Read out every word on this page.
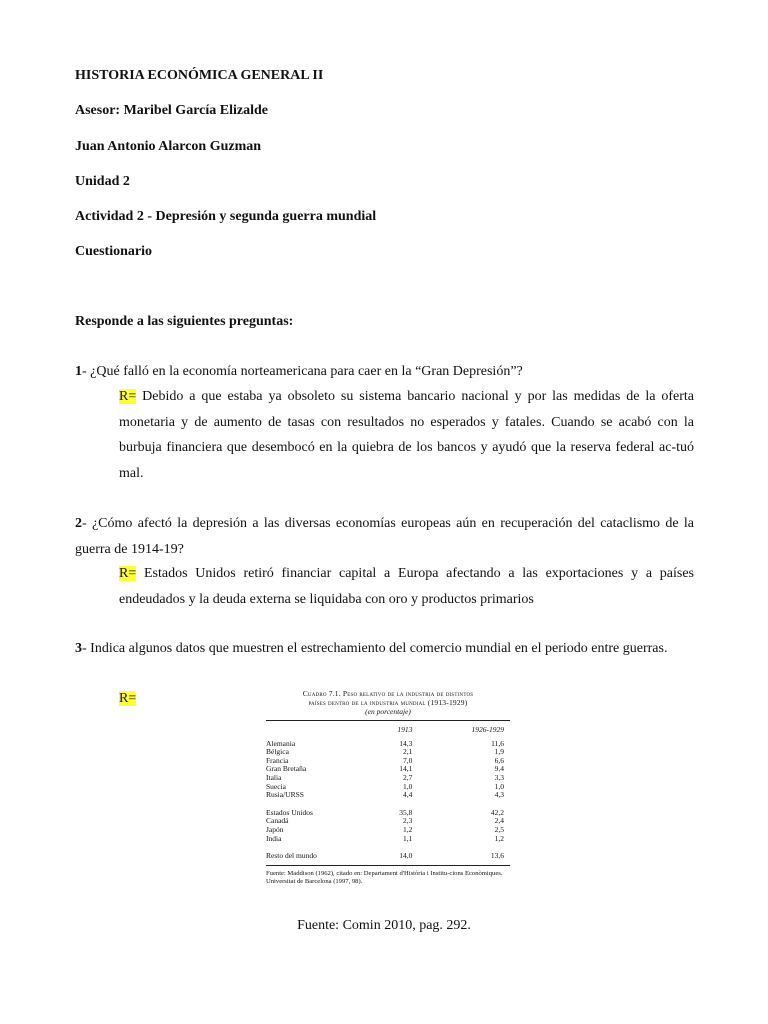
HISTORIA ECONÓMICA GENERAL II
Asesor: Maribel García Elizalde
Juan Antonio Alarcon Guzman
Unidad 2
Actividad 2 - Depresión y segunda guerra mundial
Cuestionario
Responde a las siguientes preguntas:
1- ¿Qué falló en la economía norteamericana para caer en la “Gran Depresión”?
R= Debido a que estaba ya obsoleto su sistema bancario nacional y por las medidas de la oferta monetaria y de aumento de tasas con resultados no esperados y fatales. Cuando se acabó con la burbuja financiera que desembocó en la quiebra de los bancos y ayudó que la reserva federal ac-tuó mal.
2- ¿Cómo afectó la depresión a las diversas economías europeas aún en recuperación del cataclismo de la guerra de 1914-19?
R= Estados Unidos retiró financiar capital a Europa afectando a las exportaciones y a países endeudados y la deuda externa se liquidaba con oro y productos primarios
3- Indica algunos datos que muestren el estrechamiento del comercio mundial en el periodo entre guerras.
R=	Cuadro 7.1. Peso relativo de la industria de distintos
países dentro de la industria mundial (1913-1929)
(en porcentaje)
	1913	1926-1929
Alemania	14,3	11,6
Bélgica	2,1	1,9
Francia	7,0	6,6
Gran Bretaña	14,1	9,4
Italia	2,7	3,3
Suecia	1,0	1,0
Rusia/URSS	4,4	4,3

Estados Unidos	35,8	42,2
Canadá	2,3	2,4
Japón	1,2	2,5
India	1,1	1,2

Resto del mundo	14,0	13,6
Fuente: Maddison (1962), citado en: Departament d'Història i Institu-cions Econòmiques. Universitat de Barcelona (1997, 98).
Fuente: Comin 2010, pag. 292.
